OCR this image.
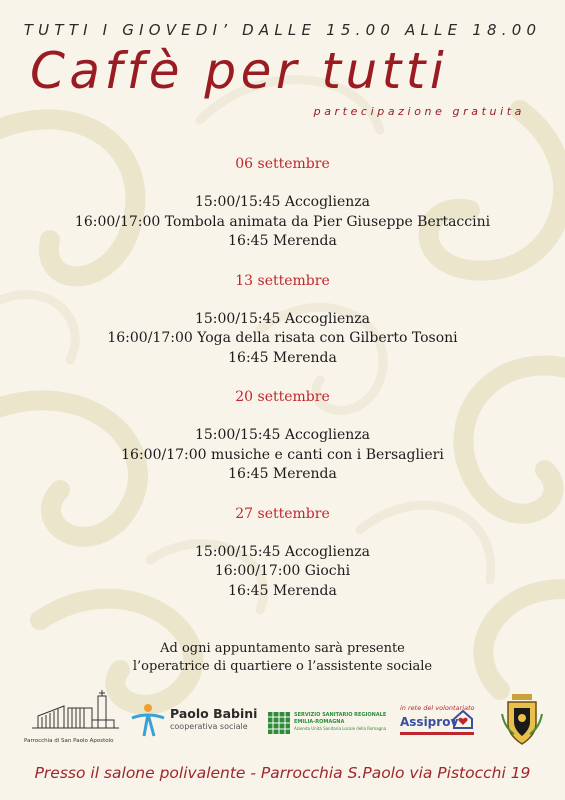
TUTTI I GIOVEDI’ DALLE 15.00 ALLE 18.00
Caffè per tutti
partecipazione gratuita
06 settembre
15:00/15:45 Accoglienza
16:00/17:00 Tombola animata da Pier Giuseppe Bertaccini
16:45 Merenda
13 settembre
15:00/15:45 Accoglienza
16:00/17:00 Yoga della risata con Gilberto Tosoni
16:45 Merenda
20 settembre
15:00/15:45 Accoglienza
16:00/17:00 musiche e canti con i Bersaglieri
16:45 Merenda
27 settembre
15:00/15:45 Accoglienza
16:00/17:00 Giochi
16:45 Merenda
Ad ogni appuntamento sarà presente
l’operatrice di quartiere o l’assistente sociale
Parrocchia di San Paolo Apostolo
Paolo Babini
cooperativa sociale
SERVIZIO SANITARIO REGIONALE
EMILIA-ROMAGNA
Azienda Unità Sanitaria Locale della Romagna
in rete del volontariato
Assiprov
Presso il salone polivalente - Parrocchia S.Paolo via Pistocchi 19
